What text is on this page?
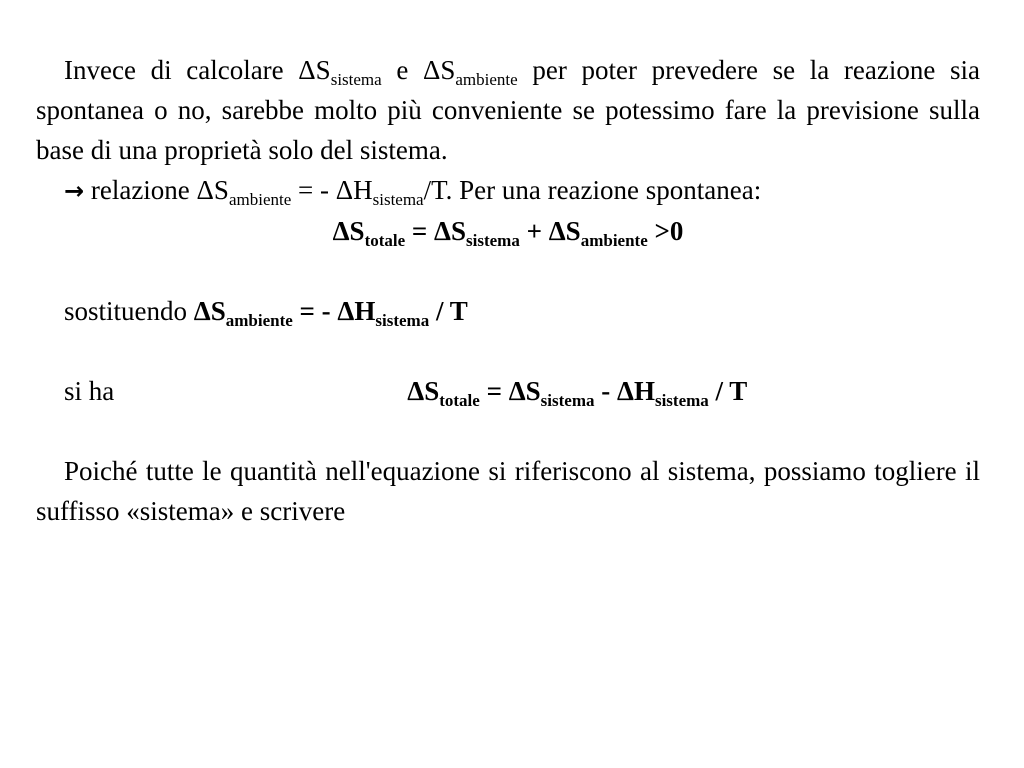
Invece di calcolare $\Delta S_{sistema}$ e $\Delta S_{ambiente}$ per poter prevedere se la reazione sia spontanea o no, sarebbe molto più conveniente se potessimo fare la previsione sulla base di una proprietà solo del sistema.

→ relazione $\Delta S_{ambiente}$ = - $\Delta H_{sistema}/T$. Per una reazione spontanea:

$\Delta S_{totale} = \Delta S_{sistema} + \Delta S_{ambiente} >0$

sostituendo $\Delta S_{ambiente}$ = - $\Delta H_{sistema}$ / T

si ha	$\Delta S_{totale} = \Delta S_{sistema} - \Delta H_{sistema} / T$

Poiché tutte le quantità nell'equazione si riferiscono al sistema, possiamo togliere il suffisso «sistema» e scrivere
